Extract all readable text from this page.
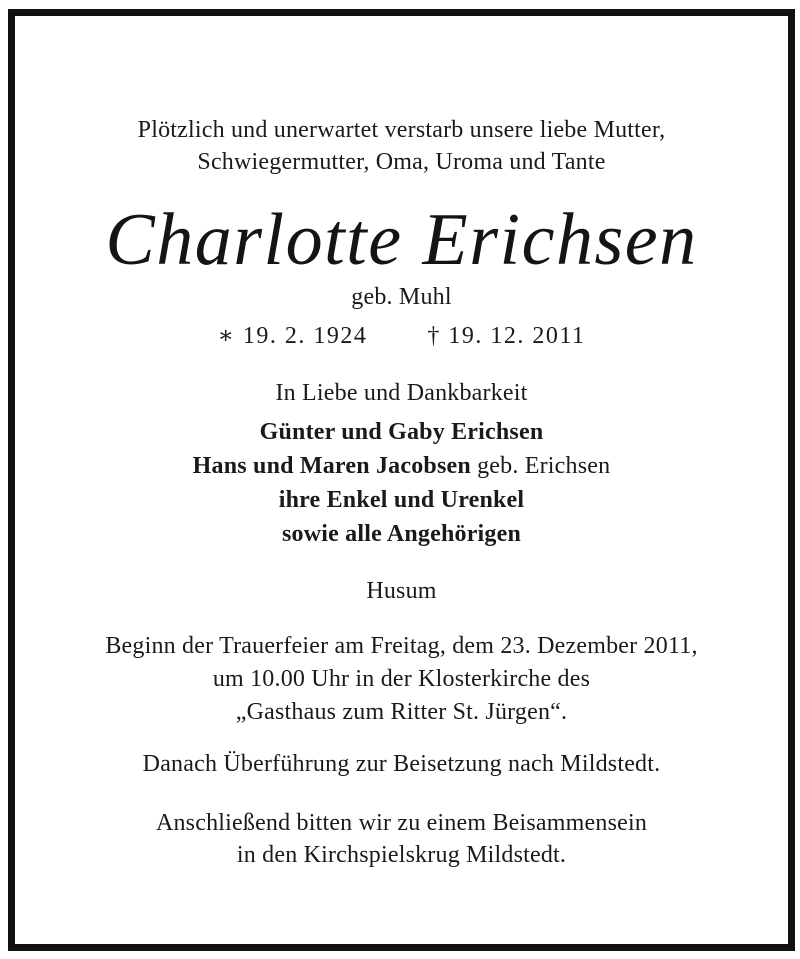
Plötzlich und unerwartet verstarb unsere liebe Mutter,
Schwiegermutter, Oma, Uroma und Tante
Charlotte Erichsen
geb. Muhl
∗ 19. 2. 1924	† 19. 12. 2011
In Liebe und Dankbarkeit
Günter und Gaby Erichsen
Hans und Maren Jacobsen geb. Erichsen
ihre Enkel und Urenkel
sowie alle Angehörigen
Husum
Beginn der Trauerfeier am Freitag, dem 23. Dezember 2011,
um 10.00 Uhr in der Klosterkirche des
„Gasthaus zum Ritter St. Jürgen“.
Danach Überführung zur Beisetzung nach Mildstedt.
Anschließend bitten wir zu einem Beisammensein
in den Kirchspielskrug Mildstedt.
